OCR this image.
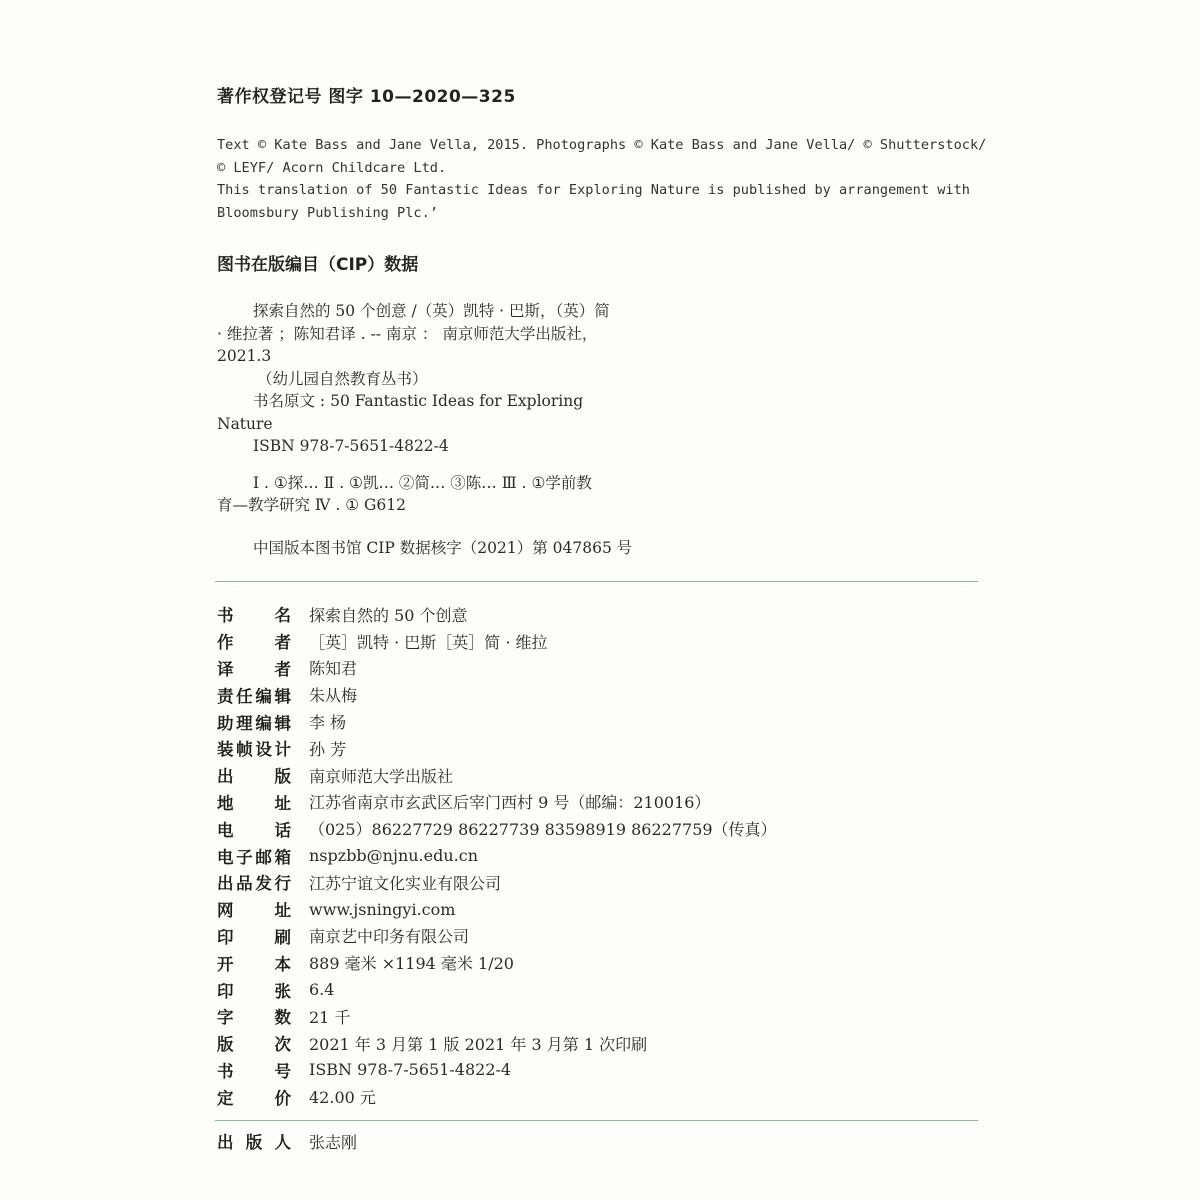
著作权登记号 图字 10—2020—325
Text © Kate Bass and Jane Vella, 2015. Photographs © Kate Bass and Jane Vella/ © Shutterstock/
© LEYF/ Acorn Childcare Ltd.
This translation of 50 Fantastic Ideas for Exploring Nature is published by arrangement with
Bloomsbury Publishing Plc.’
图书在版编目（CIP）数据
探索自然的 50 个创意 /（英）凯特 · 巴斯，（英）简
· 维拉著 ；陈知君译 . -- 南京 ： 南京师范大学出版社，
2021.3
（幼儿园自然教育丛书）
书名原文 : 50 Fantastic Ideas for Exploring
Nature
ISBN 978-7-5651-4822-4
Ⅰ . ①探… Ⅱ . ①凯… ②简… ③陈… Ⅲ . ①学前教
育—教学研究 Ⅳ . ① G612
中国版本图书馆 CIP 数据核字（2021）第 047865 号
书名 探索自然的 50 个创意
作者 ［英］凯特 · 巴斯［英］简 · 维拉
译者 陈知君
责任编辑 朱从梅
助理编辑 李 杨
装帧设计 孙 芳
出版 南京师范大学出版社
地址 江苏省南京市玄武区后宰门西村 9 号（邮编：210016）
电话 （025）86227729 86227739 83598919 86227759（传真）
电子邮箱 nspzbb@njnu.edu.cn
出品发行 江苏宁谊文化实业有限公司
网址 www.jsningyi.com
印刷 南京艺中印务有限公司
开本 889 毫米 ×1194 毫米 1/20
印张 6.4
字数 21 千
版次 2021 年 3 月第 1 版 2021 年 3 月第 1 次印刷
书号 ISBN 978-7-5651-4822-4
定价 42.00 元
出版人 张志刚
